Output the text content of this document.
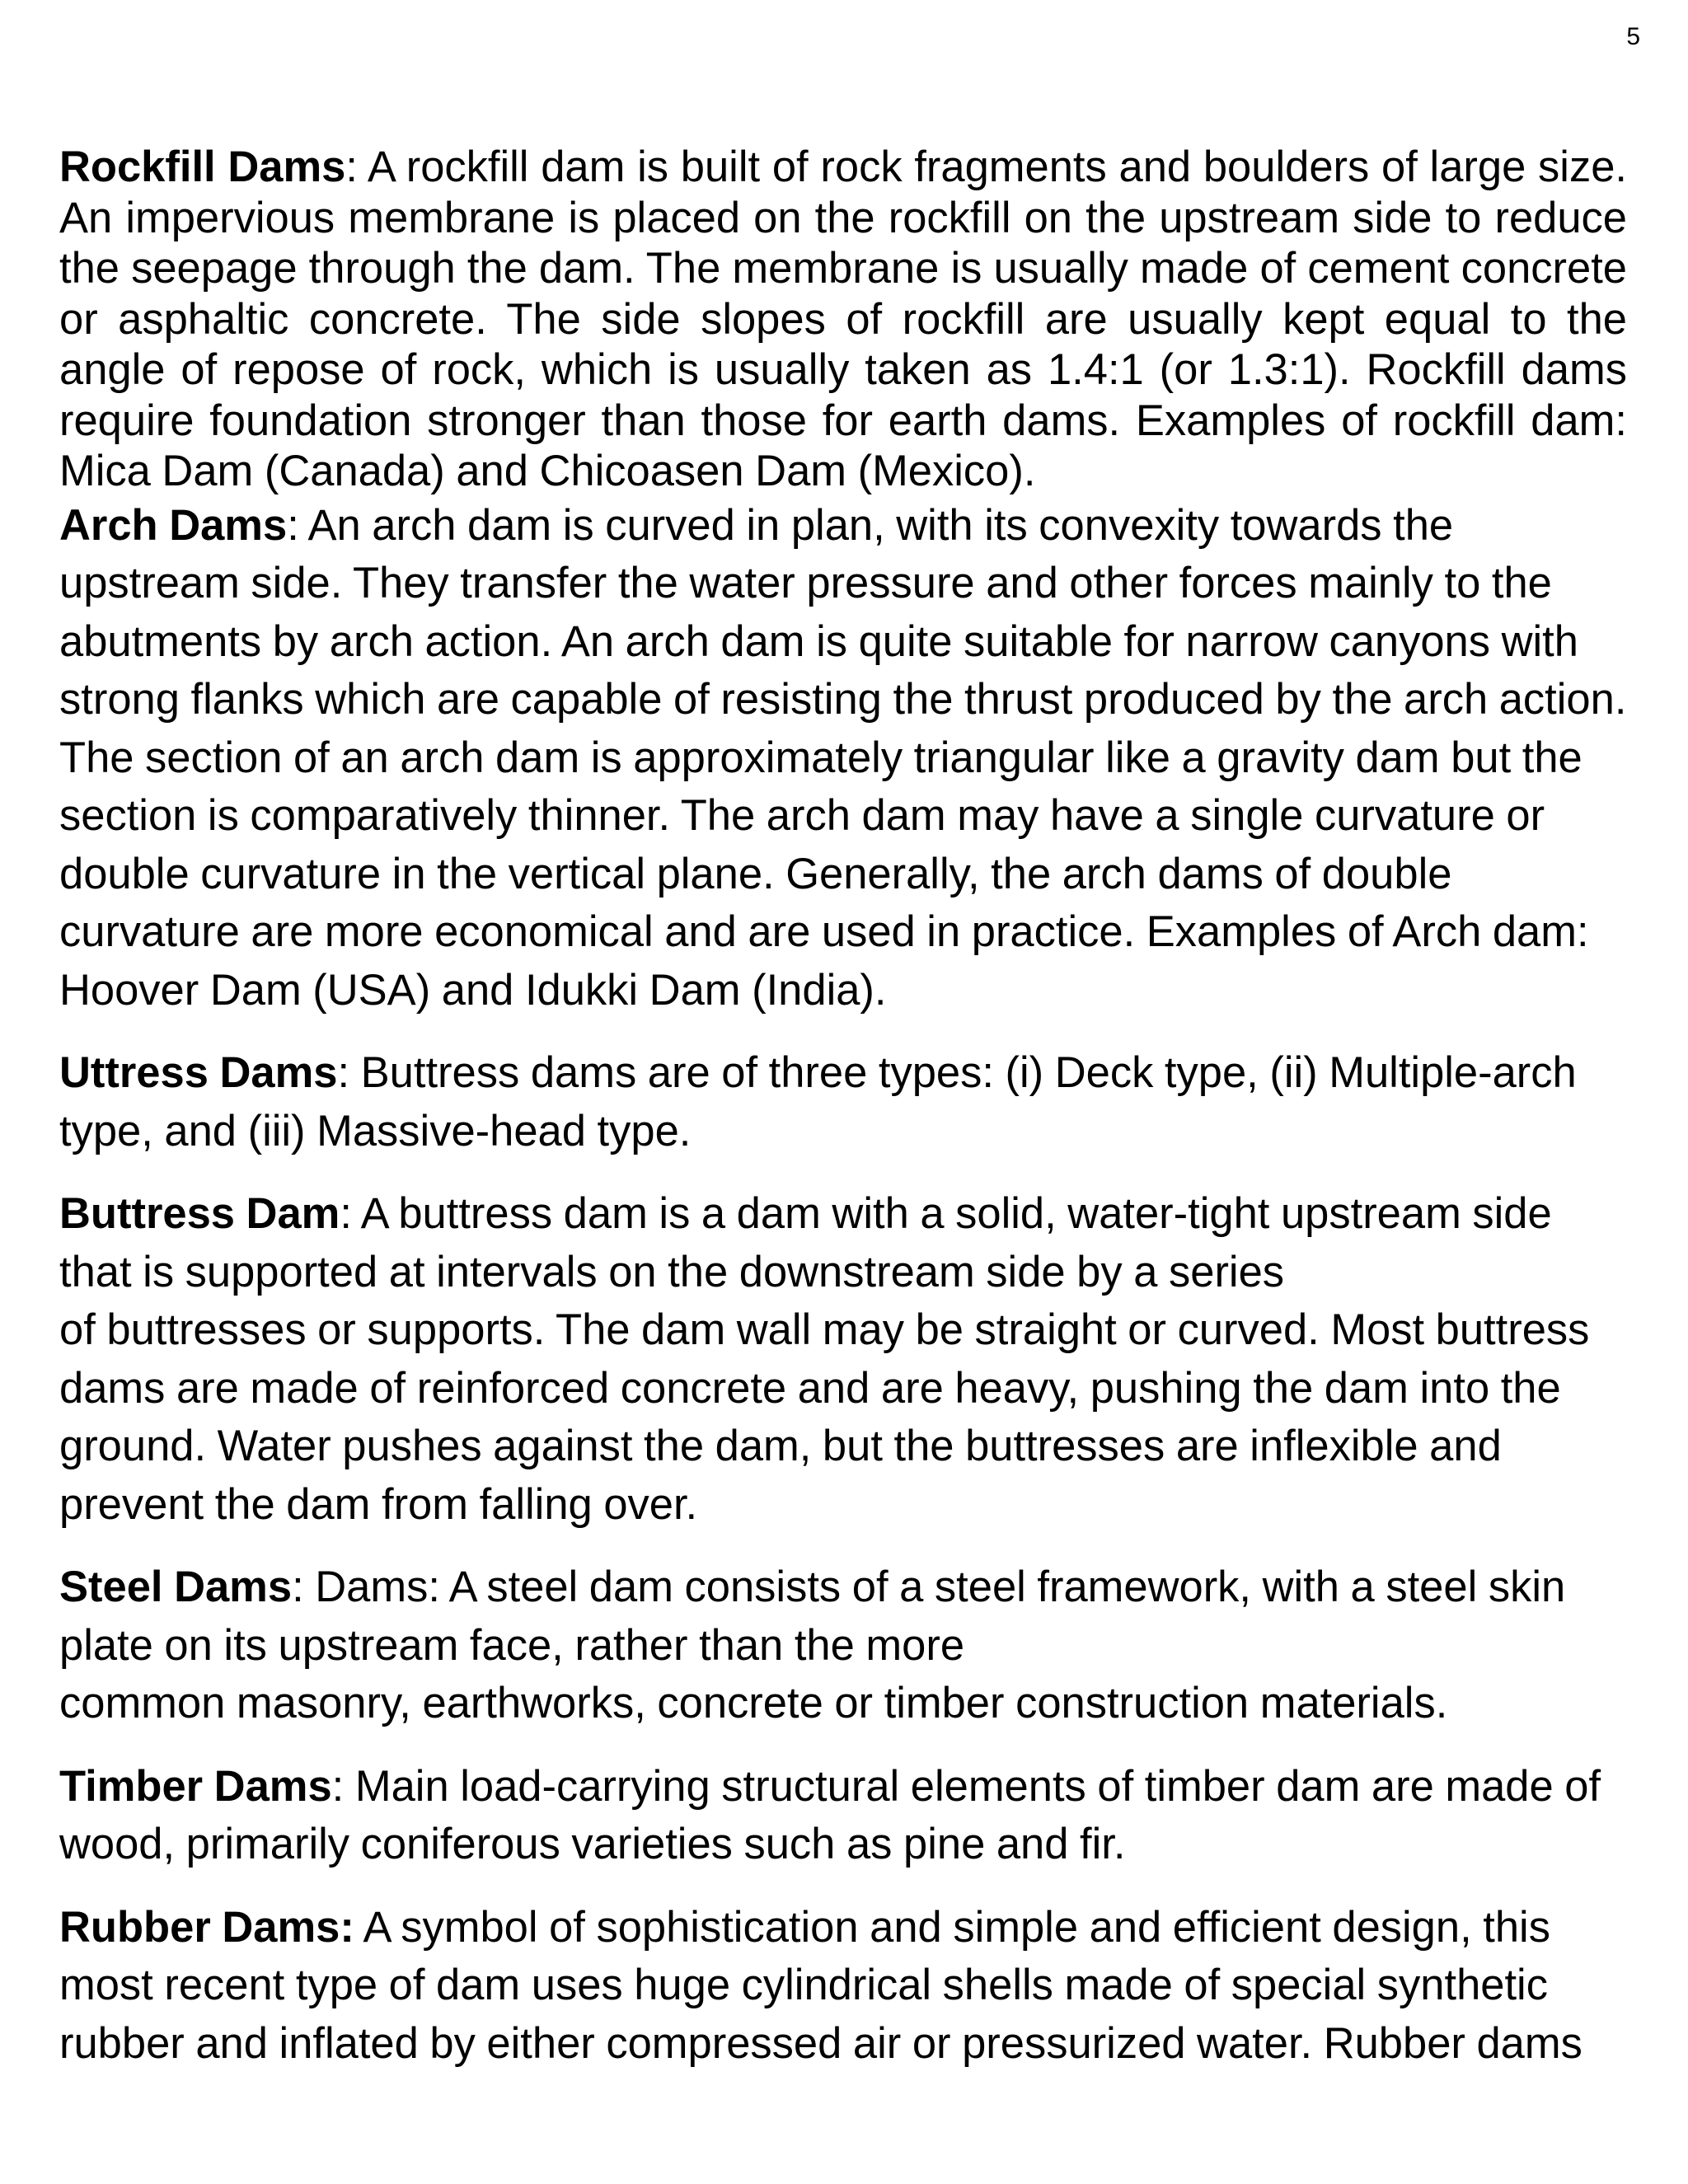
5

Rockfill Dams: A rockfill dam is built of rock fragments and boulders of large size. An impervious membrane is placed on the rockfill on the upstream side to reduce the seepage through the dam. The membrane is usually made of cement concrete or asphaltic concrete. The side slopes of rockfill are usually kept equal to the angle of repose of rock, which is usually taken as 1.4:1 (or 1.3:1). Rockfill dams require foundation stronger than those for earth dams. Examples of rockfill dam: Mica Dam (Canada) and Chicoasen Dam (Mexico).

Arch Dams: An arch dam is curved in plan, with its convexity towards the upstream side. They transfer the water pressure and other forces mainly to the abutments by arch action. An arch dam is quite suitable for narrow canyons with strong flanks which are capable of resisting the thrust produced by the arch action. The section of an arch dam is approximately triangular like a gravity dam but the section is comparatively thinner. The arch dam may have a single curvature or double curvature in the vertical plane. Generally, the arch dams of double curvature are more economical and are used in practice. Examples of Arch dam: Hoover Dam (USA) and Idukki Dam (India).

Uttress Dams: Buttress dams are of three types: (i) Deck type, (ii) Multiple-arch type, and (iii) Massive-head type.

Buttress Dam: A buttress dam is a dam with a solid, water-tight upstream side that is supported at intervals on the downstream side by a series
of buttresses or supports. The dam wall may be straight or curved. Most buttress dams are made of reinforced concrete and are heavy, pushing the dam into the ground. Water pushes against the dam, but the buttresses are inflexible and prevent the dam from falling over.

Steel Dams: Dams: A steel dam consists of a steel framework, with a steel skin plate on its upstream face, rather than the more
common masonry, earthworks, concrete or timber construction materials.

Timber Dams: Main load-carrying structural elements of timber dam are made of wood, primarily coniferous varieties such as pine and fir.

Rubber Dams: A symbol of sophistication and simple and efficient design, this most recent type of dam uses huge cylindrical shells made of special synthetic rubber and inflated by either compressed air or pressurized water. Rubber dams
